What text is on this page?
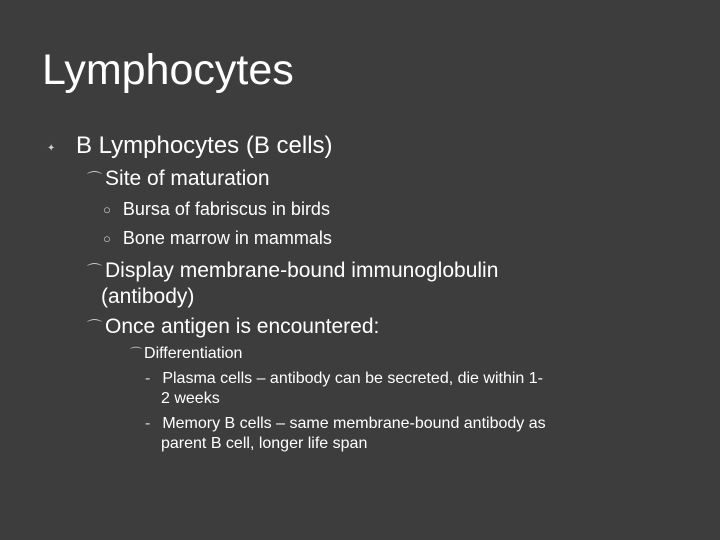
Lymphocytes
✦ B Lymphocytes (B cells)
⌒ Site of maturation
○ Bursa of fabriscus in birds
○ Bone marrow in mammals
⌒ Display membrane-bound immunoglobulin
(antibody)
⌒ Once antigen is encountered:
⌒ Differentiation
- Plasma cells – antibody can be secreted, die within 1-
2 weeks
- Memory B cells – same membrane-bound antibody as
parent B cell, longer life span
